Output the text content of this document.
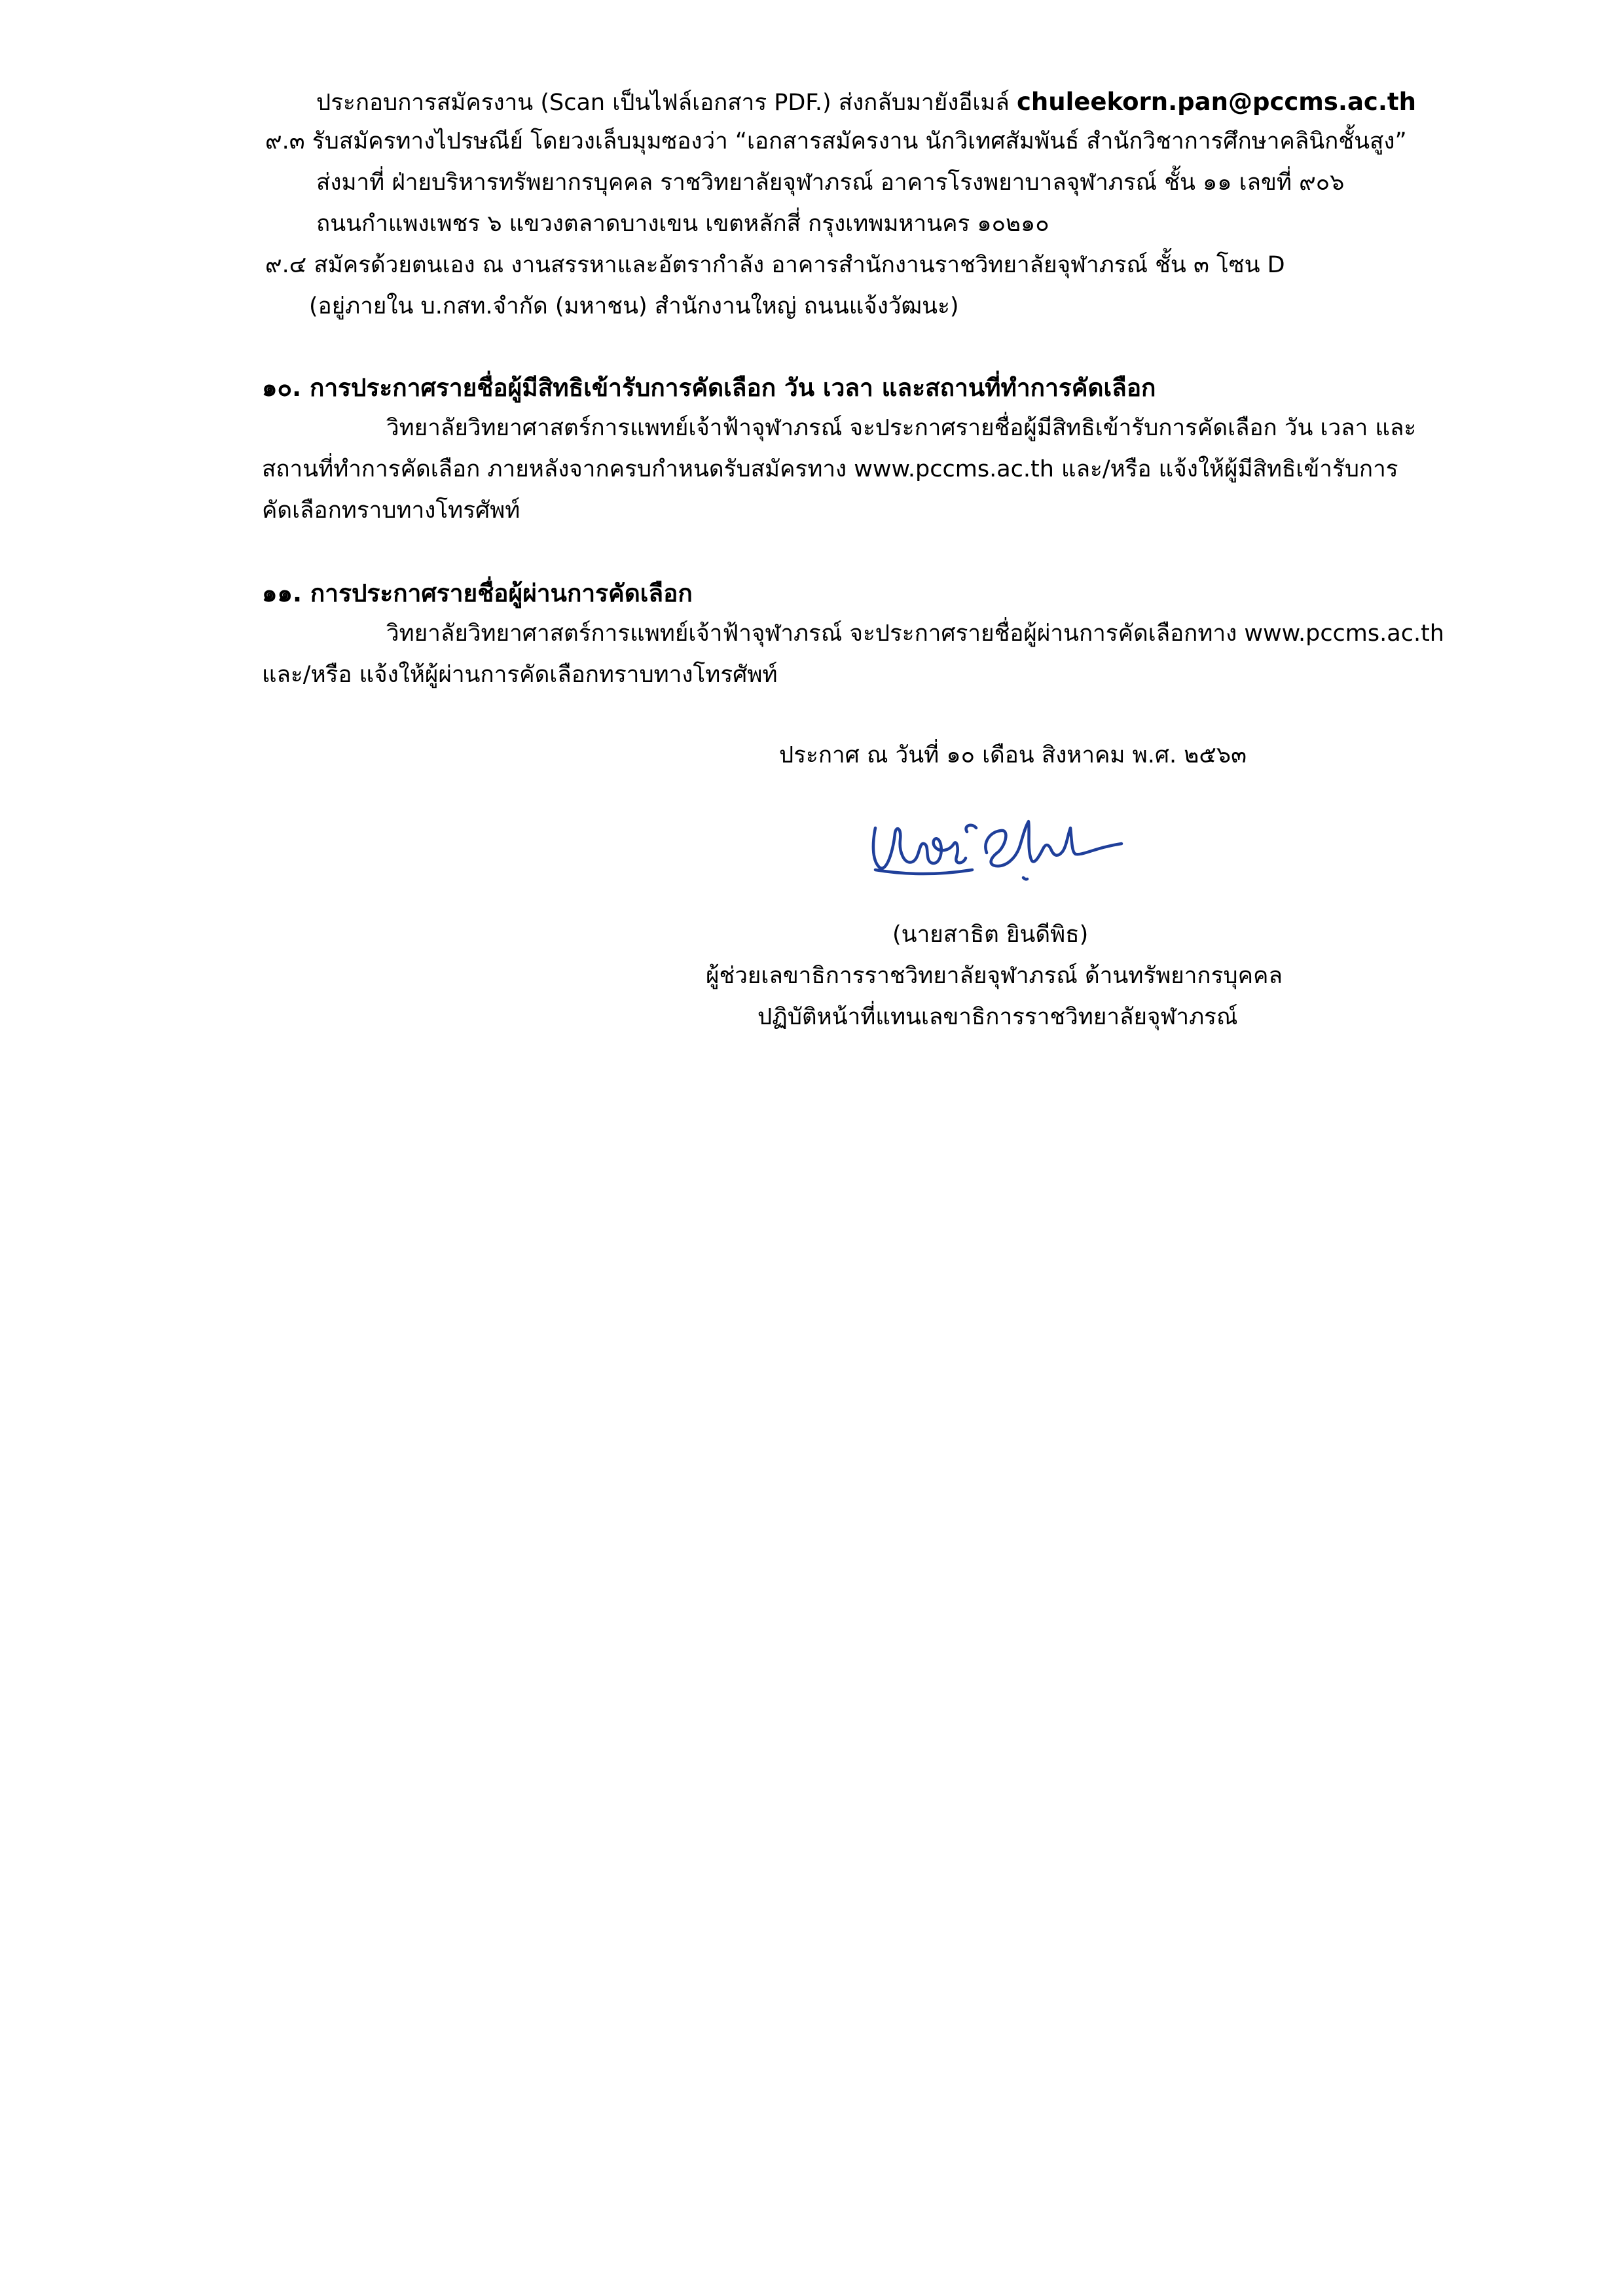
ประกอบการสมัครงาน (Scan เป็นไฟล์เอกสาร PDF.) ส่งกลับมายังอีเมล์ chuleekorn.pan@pccms.ac.th
๙.๓ รับสมัครทางไปรษณีย์ โดยวงเล็บมุมซองว่า “เอกสารสมัครงาน นักวิเทศสัมพันธ์ สำนักวิชาการศึกษาคลินิกชั้นสูง”
ส่งมาที่ ฝ่ายบริหารทรัพยากรบุคคล ราชวิทยาลัยจุฬาภรณ์ อาคารโรงพยาบาลจุฬาภรณ์ ชั้น ๑๑ เลขที่ ๙๐๖
ถนนกำแพงเพชร ๖ แขวงตลาดบางเขน เขตหลักสี่ กรุงเทพมหานคร ๑๐๒๑๐
๙.๔ สมัครด้วยตนเอง ณ งานสรรหาและอัตรากำลัง อาคารสำนักงานราชวิทยาลัยจุฬาภรณ์ ชั้น ๓ โซน D
(อยู่ภายใน บ.กสท.จำกัด (มหาชน) สำนักงานใหญ่ ถนนแจ้งวัฒนะ)
๑๐. การประกาศรายชื่อผู้มีสิทธิเข้ารับการคัดเลือก วัน เวลา และสถานที่ทำการคัดเลือก
วิทยาลัยวิทยาศาสตร์การแพทย์เจ้าฟ้าจุฬาภรณ์ จะประกาศรายชื่อผู้มีสิทธิเข้ารับการคัดเลือก วัน เวลา และ
สถานที่ทำการคัดเลือก ภายหลังจากครบกำหนดรับสมัครทาง www.pccms.ac.th และ/หรือ แจ้งให้ผู้มีสิทธิเข้ารับการ
คัดเลือกทราบทางโทรศัพท์
๑๑. การประกาศรายชื่อผู้ผ่านการคัดเลือก
วิทยาลัยวิทยาศาสตร์การแพทย์เจ้าฟ้าจุฬาภรณ์ จะประกาศรายชื่อผู้ผ่านการคัดเลือกทาง www.pccms.ac.th
และ/หรือ แจ้งให้ผู้ผ่านการคัดเลือกทราบทางโทรศัพท์
ประกาศ ณ วันที่ ๑๐ เดือน สิงหาคม พ.ศ. ๒๕๖๓
(นายสาธิต ยินดีพิธ)
ผู้ช่วยเลขาธิการราชวิทยาลัยจุฬาภรณ์ ด้านทรัพยากรบุคคล
ปฏิบัติหน้าที่แทนเลขาธิการราชวิทยาลัยจุฬาภรณ์
